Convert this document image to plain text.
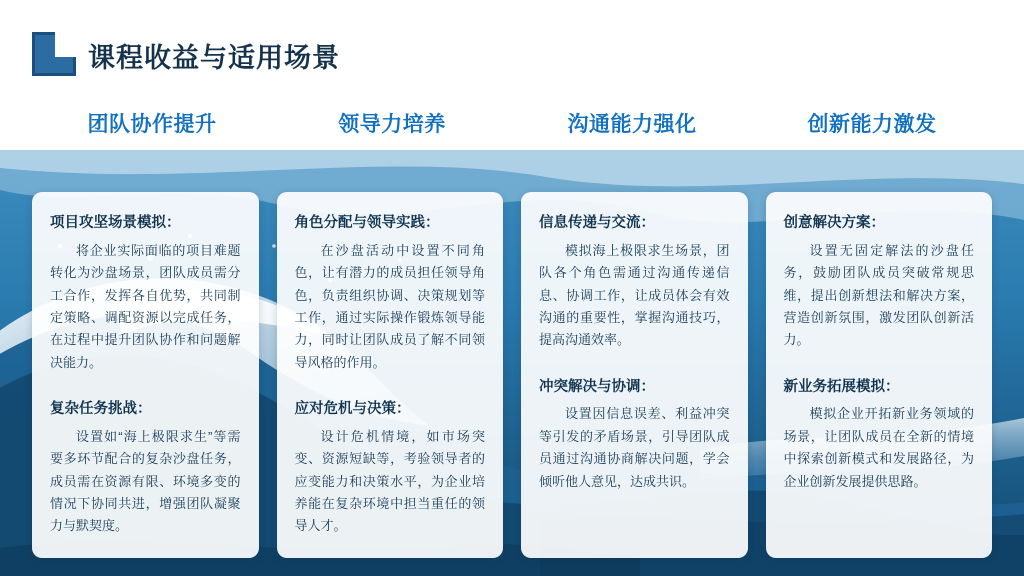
课程收益与适用场景
团队协作提升	领导力培养	沟通能力强化	创新能力激发
项目攻坚场景模拟：
将企业实际面临的项目难题转化为沙盘场景，团队成员需分工合作，发挥各自优势，共同制定策略、调配资源以完成任务，在过程中提升团队协作和问题解决能力。
复杂任务挑战：
设置如“海上极限求生”等需要多环节配合的复杂沙盘任务，成员需在资源有限、环境多变的情况下协同共进，增强团队凝聚力与默契度。
角色分配与领导实践：
在沙盘活动中设置不同角色，让有潜力的成员担任领导角色，负责组织协调、决策规划等工作，通过实际操作锻炼领导能力，同时让团队成员了解不同领导风格的作用。
应对危机与决策：
设计危机情境，如市场突变、资源短缺等，考验领导者的应变能力和决策水平，为企业培养能在复杂环境中担当重任的领导人才。
信息传递与交流：
模拟海上极限求生场景，团队各个角色需通过沟通传递信息、协调工作，让成员体会有效沟通的重要性，掌握沟通技巧，提高沟通效率。
冲突解决与协调：
设置因信息误差、利益冲突等引发的矛盾场景，引导团队成员通过沟通协商解决问题，学会倾听他人意见，达成共识。
创意解决方案：
设置无固定解法的沙盘任务，鼓励团队成员突破常规思维，提出创新想法和解决方案，营造创新氛围，激发团队创新活力。
新业务拓展模拟：
模拟企业开拓新业务领域的场景，让团队成员在全新的情境中探索创新模式和发展路径，为企业创新发展提供思路。
